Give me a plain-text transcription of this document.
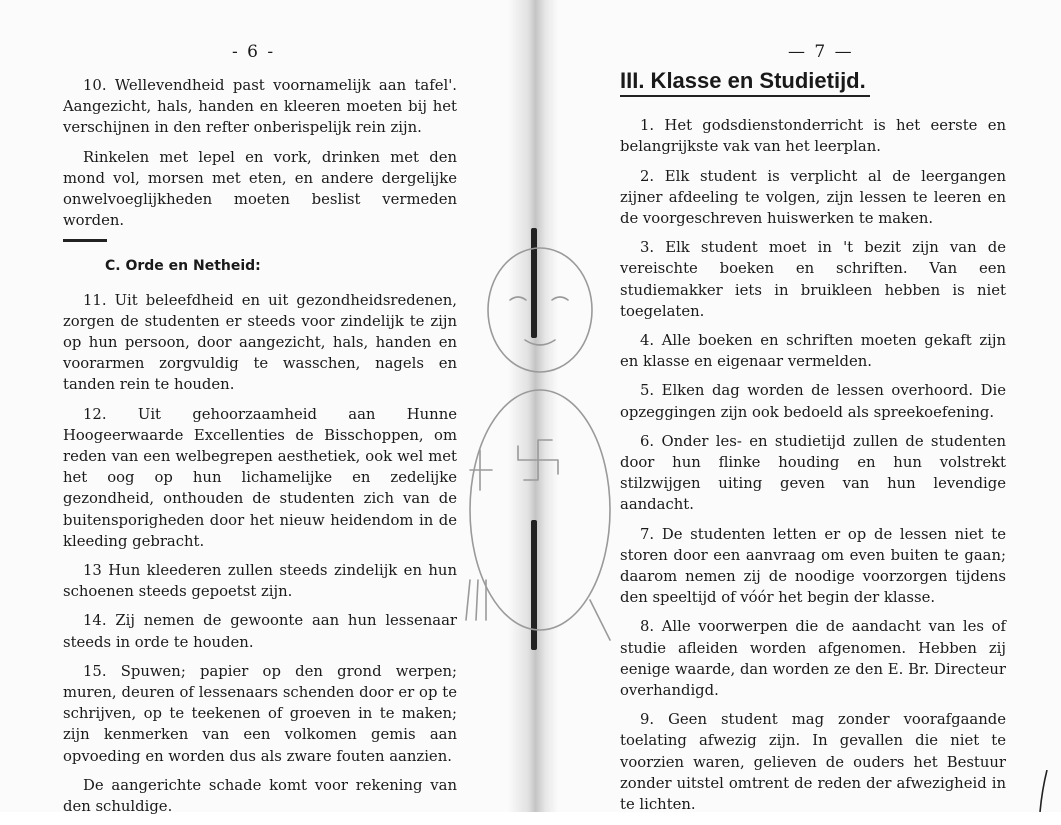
- 6 -

10. Wellevendheid past voornamelijk aan tafel'. Aangezicht, hals, handen en kleeren moeten bij het verschijnen in den refter onberispelijk rein zijn.

Rinkelen met lepel en vork, drinken met den mond vol, morsen met eten, en andere dergelijke onwelvoeglijkheden moeten beslist vermeden worden.

C. Orde en Netheid:

11. Uit beleefdheid en uit gezondheidsredenen, zorgen de studenten er steeds voor zindelijk te zijn op hun persoon, door aangezicht, hals, handen en voorarmen zorgvuldig te wasschen, nagels en tanden rein te houden.

12. Uit gehoorzaamheid aan Hunne Hoogeerwaarde Excellenties de Bisschoppen, om reden van een welbegrepen aesthetiek, ook wel met het oog op hun lichamelijke en zedelijke gezondheid, onthouden de studenten zich van de buitensporigheden door het nieuw heidendom in de kleeding gebracht.

13 Hun kleederen zullen steeds zindelijk en hun schoenen steeds gepoetst zijn.

14. Zij nemen de gewoonte aan hun lessenaar steeds in orde te houden.

15. Spuwen; papier op den grond werpen; muren, deuren of lessenaars schenden door er op te schrijven, op te teekenen of groeven in te maken; zijn kenmerken van een volkomen gemis aan opvoeding en worden dus als zware fouten aanzien.

De aangerichte schade komt voor rekening van den schuldige.

— 7 —
III. Klasse en Studietijd.

1. Het godsdienstonderricht is het eerste en belangrijkste vak van het leerplan.

2. Elk student is verplicht al de leergangen zijner afdeeling te volgen, zijn lessen te leeren en de voorgeschreven huiswerken te maken.

3. Elk student moet in 't bezit zijn van de vereischte boeken en schriften. Van een studiemakker iets in bruikleen hebben is niet toegelaten.

4. Alle boeken en schriften moeten gekaft zijn en klasse en eigenaar vermelden.

5. Elken dag worden de lessen overhoord. Die opzeggingen zijn ook bedoeld als spreekoefening.

6. Onder les- en studietijd zullen de studenten door hun flinke houding en hun volstrekt stilzwijgen uiting geven van hun levendige aandacht.

7. De studenten letten er op de lessen niet te storen door een aanvraag om even buiten te gaan; daarom nemen zij de noodige voorzorgen tijdens den speeltijd of vóór het begin der klasse.

8. Alle voorwerpen die de aandacht van les of studie afleiden worden afgenomen. Hebben zij eenige waarde, dan worden ze den E. Br. Directeur overhandigd.

9. Geen student mag zonder voorafgaande toelating afwezig zijn. In gevallen die niet te voorzien waren, gelieven de ouders het Bestuur zonder uitstel omtrent de reden der afwezigheid in te lichten.
